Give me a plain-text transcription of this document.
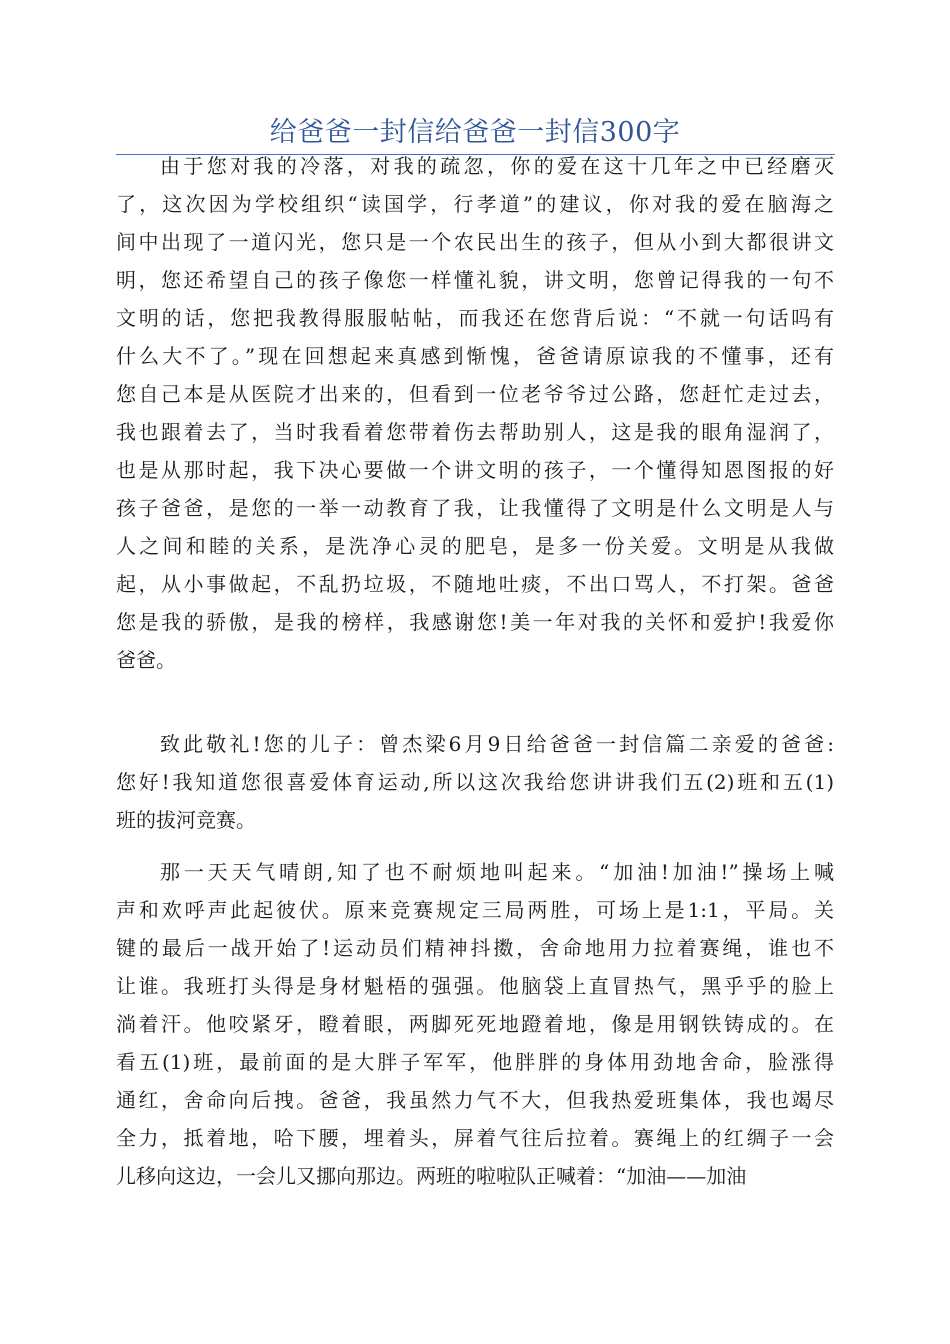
给爸爸一封信给爸爸一封信300字
由于您对我的冷落，对我的疏忽，你的爱在这十几年之中已经磨灭
了，这次因为学校组织“读国学，行孝道”的建议，你对我的爱在脑海之
间中出现了一道闪光，您只是一个农民出生的孩子，但从小到大都很讲文
明，您还希望自己的孩子像您一样懂礼貌，讲文明，您曾记得我的一句不
文明的话，您把我教得服服帖帖，而我还在您背后说：“不就一句话吗有
什么大不了。”现在回想起来真感到惭愧，爸爸请原谅我的不懂事，还有
您自己本是从医院才出来的，但看到一位老爷爷过公路，您赶忙走过去，
我也跟着去了，当时我看着您带着伤去帮助别人，这是我的眼角湿润了，
也是从那时起，我下决心要做一个讲文明的孩子，一个懂得知恩图报的好
孩子爸爸，是您的一举一动教育了我，让我懂得了文明是什么文明是人与
人之间和睦的关系，是洗净心灵的肥皂，是多一份关爱。文明是从我做
起，从小事做起，不乱扔垃圾，不随地吐痰，不出口骂人，不打架。爸爸
您是我的骄傲，是我的榜样，我感谢您!美一年对我的关怀和爱护!我爱你
爸爸。
致此敬礼!您的儿子：曾杰梁6月9日给爸爸一封信篇二亲爱的爸爸:
您好!我知道您很喜爱体育运动,所以这次我给您讲讲我们五(2)班和五(1)
班的拔河竞赛。
那一天天气晴朗,知了也不耐烦地叫起来。“加油!加油!”操场上喊
声和欢呼声此起彼伏。原来竞赛规定三局两胜，可场上是1:1，平局。关
键的最后一战开始了!运动员们精神抖擞，舍命地用力拉着赛绳，谁也不
让谁。我班打头得是身材魁梧的强强。他脑袋上直冒热气，黑乎乎的脸上
淌着汗。他咬紧牙，瞪着眼，两脚死死地蹬着地，像是用钢铁铸成的。在
看五(1)班，最前面的是大胖子军军，他胖胖的身体用劲地舍命，脸涨得
通红，舍命向后拽。爸爸，我虽然力气不大，但我热爱班集体，我也竭尽
全力，抵着地，哈下腰，埋着头，屏着气往后拉着。赛绳上的红绸子一会
儿移向这边，一会儿又挪向那边。两班的啦啦队正喊着：“加油——加油
